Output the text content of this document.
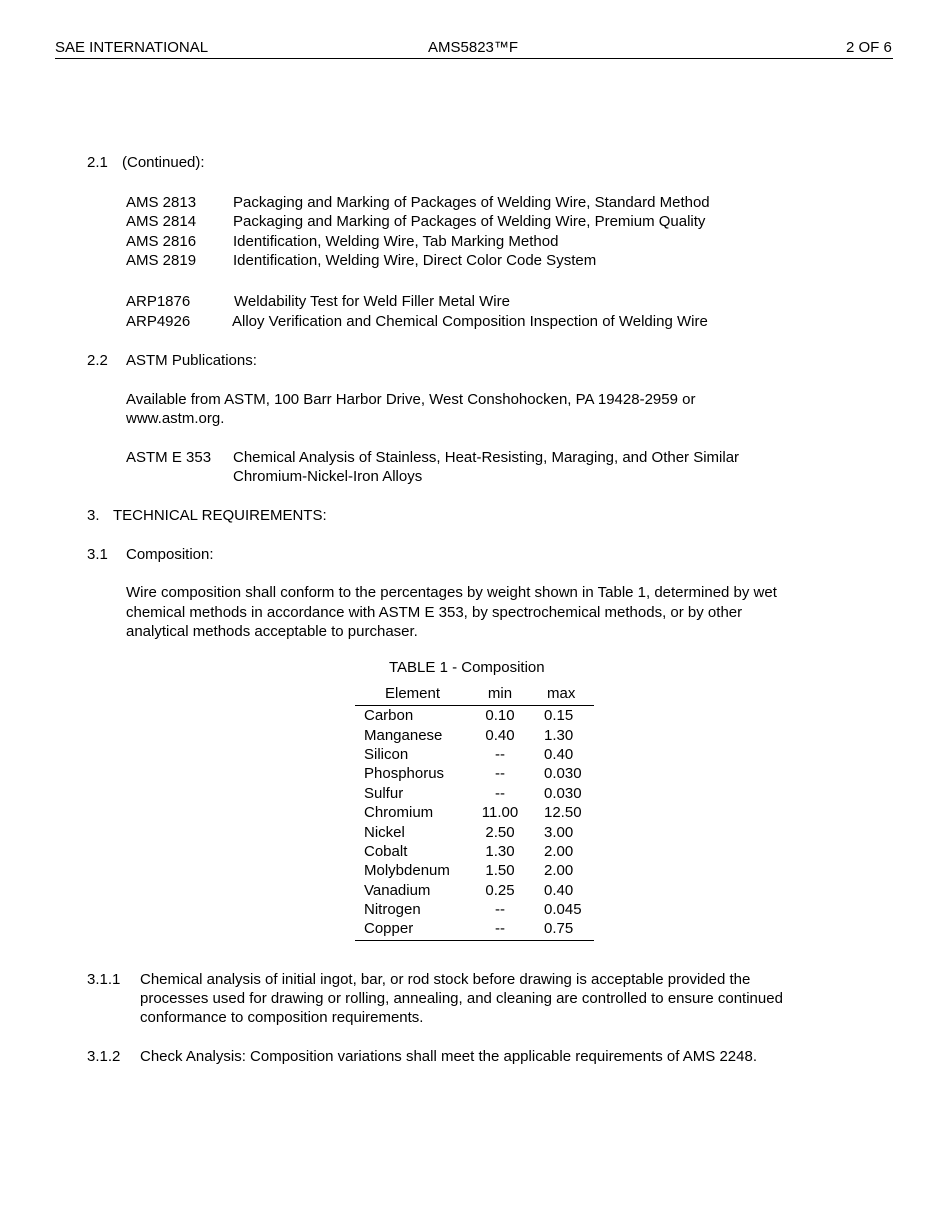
SAE INTERNATIONAL	AMS5823™F	2 OF 6
2.1 (Continued):
AMS 2813 Packaging and Marking of Packages of Welding Wire, Standard Method
AMS 2814 Packaging and Marking of Packages of Welding Wire, Premium Quality
AMS 2816 Identification, Welding Wire, Tab Marking Method
AMS 2819 Identification, Welding Wire, Direct Color Code System
ARP1876	Weldability Test for Weld Filler Metal Wire
ARP4926	Alloy Verification and Chemical Composition Inspection of Welding Wire
2.2 ASTM Publications:
Available from ASTM, 100 Barr Harbor Drive, West Conshohocken, PA 19428-2959 or
www.astm.org.
ASTM E 353 Chemical Analysis of Stainless, Heat-Resisting, Maraging, and Other Similar
Chromium-Nickel-Iron Alloys
3. TECHNICAL REQUIREMENTS:
3.1 Composition:
Wire composition shall conform to the percentages by weight shown in Table 1, determined by wet
chemical methods in accordance with ASTM E 353, by spectrochemical methods, or by other
analytical methods acceptable to purchaser.
TABLE 1 - Composition
Element	min	max
Carbon	0.10	0.15
Manganese	0.40	1.30
Silicon	--	0.40
Phosphorus	--	0.030
Sulfur	--	0.030
Chromium	11.00	12.50
Nickel	2.50	3.00
Cobalt	1.30	2.00
Molybdenum	1.50	2.00
Vanadium	0.25	0.40
Nitrogen	--	0.045
Copper	--	0.75
3.1.1 Chemical analysis of initial ingot, bar, or rod stock before drawing is acceptable provided the
processes used for drawing or rolling, annealing, and cleaning are controlled to ensure continued
conformance to composition requirements.
3.1.2 Check Analysis: Composition variations shall meet the applicable requirements of AMS 2248.
